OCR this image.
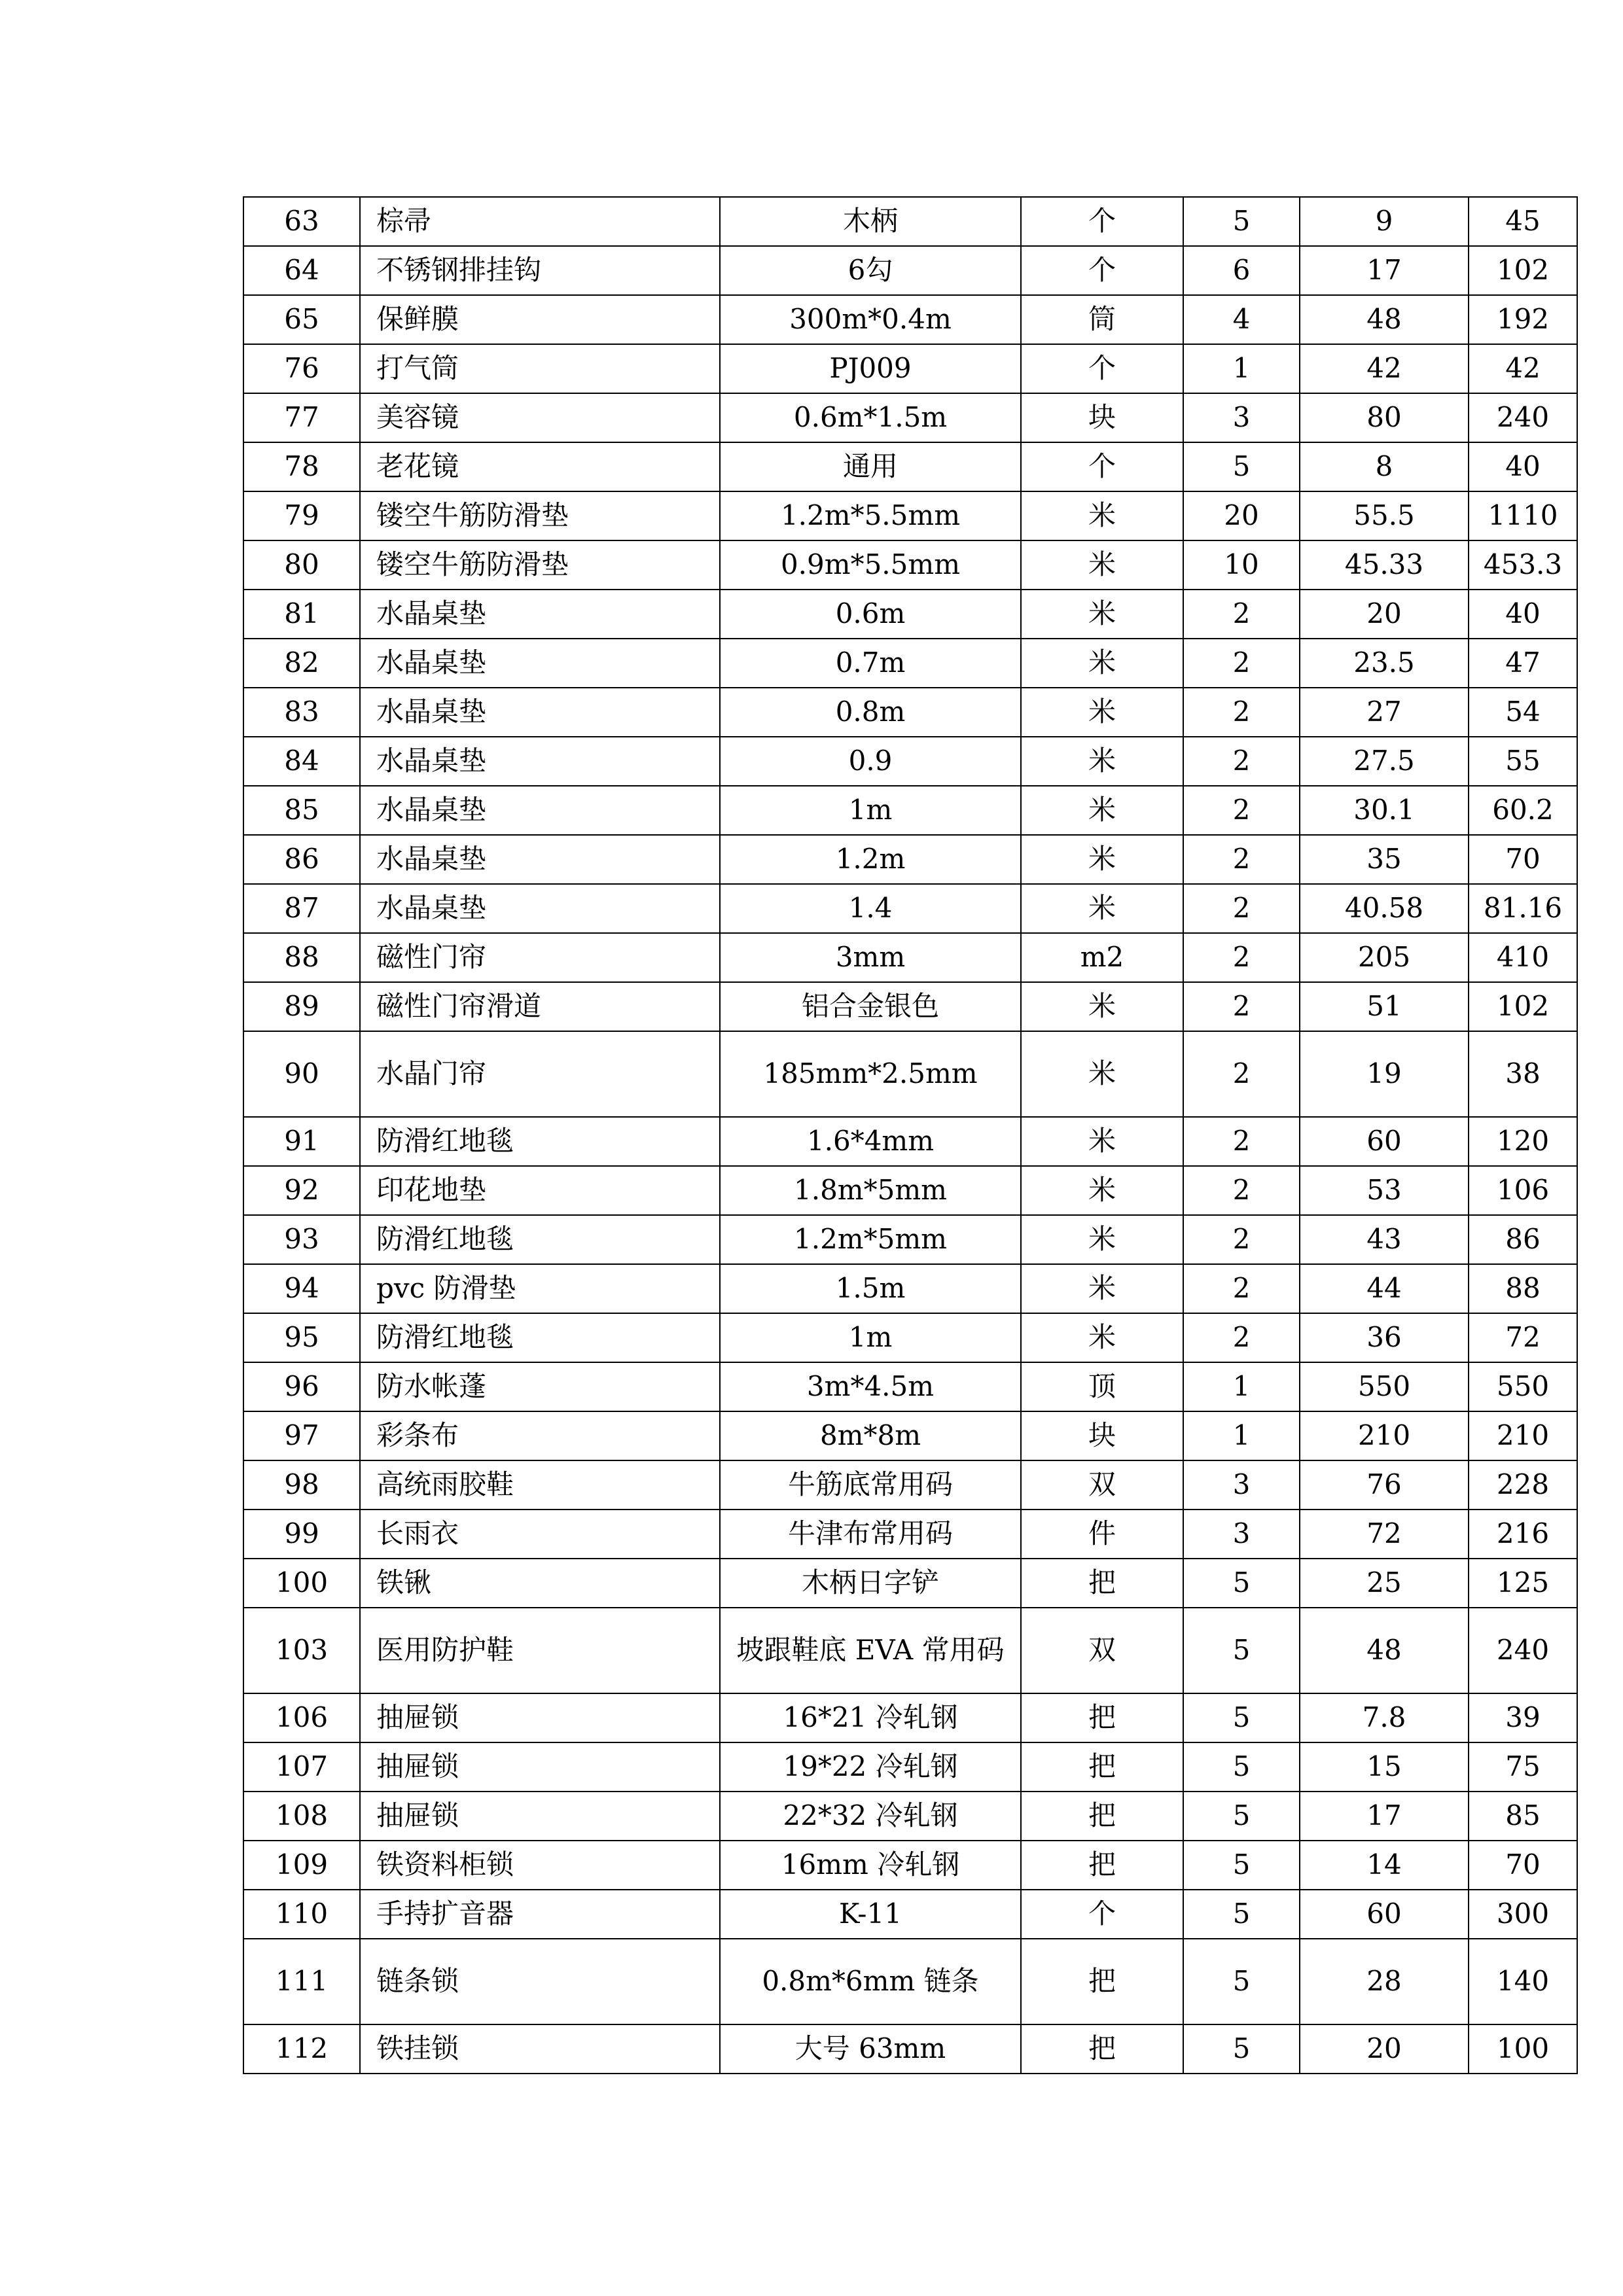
63	棕帚	木柄	个	5	9	45
64	不锈钢排挂钩	6勾	个	6	17	102
65	保鲜膜	300m*0.4m	筒	4	48	192
76	打气筒	PJ009	个	1	42	42
77	美容镜	0.6m*1.5m	块	3	80	240
78	老花镜	通用	个	5	8	40
79	镂空牛筋防滑垫	1.2m*5.5mm	米	20	55.5	1110
80	镂空牛筋防滑垫	0.9m*5.5mm	米	10	45.33	453.3
81	水晶桌垫	0.6m	米	2	20	40
82	水晶桌垫	0.7m	米	2	23.5	47
83	水晶桌垫	0.8m	米	2	27	54
84	水晶桌垫	0.9	米	2	27.5	55
85	水晶桌垫	1m	米	2	30.1	60.2
86	水晶桌垫	1.2m	米	2	35	70
87	水晶桌垫	1.4	米	2	40.58	81.16
88	磁性门帘	3mm	m2	2	205	410
89	磁性门帘滑道	铝合金银色	米	2	51	102
90	水晶门帘	185mm*2.5mm	米	2	19	38
91	防滑红地毯	1.6*4mm	米	2	60	120
92	印花地垫	1.8m*5mm	米	2	53	106
93	防滑红地毯	1.2m*5mm	米	2	43	86
94	pvc 防滑垫	1.5m	米	2	44	88
95	防滑红地毯	1m	米	2	36	72
96	防水帐蓬	3m*4.5m	顶	1	550	550
97	彩条布	8m*8m	块	1	210	210
98	高统雨胶鞋	牛筋底常用码	双	3	76	228
99	长雨衣	牛津布常用码	件	3	72	216
100	铁锹	木柄日字铲	把	5	25	125
103	医用防护鞋	坡跟鞋底 EVA 常用码	双	5	48	240
106	抽屉锁	16*21 冷轧钢	把	5	7.8	39
107	抽屉锁	19*22 冷轧钢	把	5	15	75
108	抽屉锁	22*32 冷轧钢	把	5	17	85
109	铁资料柜锁	16mm 冷轧钢	把	5	14	70
110	手持扩音器	K-11	个	5	60	300
111	链条锁	0.8m*6mm 链条	把	5	28	140
112	铁挂锁	大号 63mm	把	5	20	100
